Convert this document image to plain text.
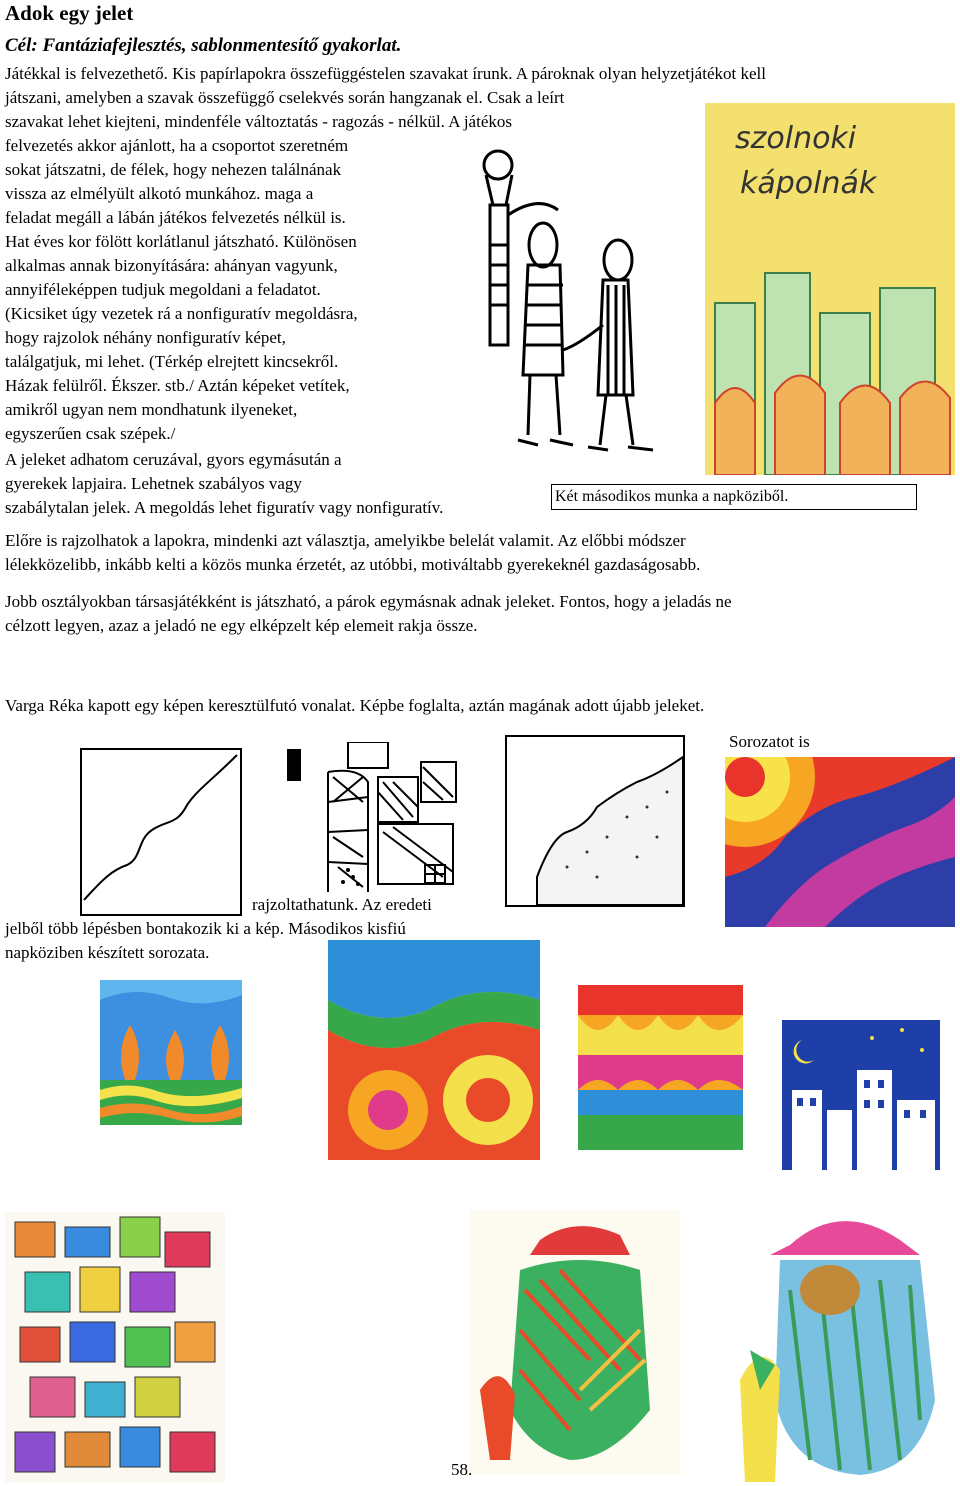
Adok egy jelet
Cél: Fantáziafejlesztés, sablonmentesítő gyakorlat.

Játékkal is felvezethető. Kis papírlapokra összefüggéstelen szavakat írunk. A pároknak olyan helyzetjátékot kell

játszani, amelyben a szavak összefüggő cselekvés során hangzanak el. Csak a leírt

szavakat lehet kiejteni, mindenféle változtatás - ragozás - nélkül. A játékos

felvezetés akkor ajánlott, ha a csoportot szeretném

sokat játszatni, de félek, hogy nehezen találnának

vissza az elmélyült alkotó munkához. maga a

feladat megáll a lábán játékos felvezetés nélkül is.

Hat éves kor fölött korlátlanul játszható. Különösen

alkalmas annak bizonyítására: ahányan vagyunk,

annyiféleképpen tudjuk megoldani a feladatot.

(Kicsiket úgy vezetek rá a nonfiguratív megoldásra,

hogy rajzolok néhány nonfiguratív képet,

találgatjuk, mi lehet. (Térkép elrejtett kincsekről.

Házak felülről. Ékszer. stb./ Aztán képeket vetítek,

amikről ugyan nem mondhatunk ilyeneket,

egyszerűen csak szépek./

A jeleket adhatom ceruzával, gyors egymásután a

gyerekek lapjaira. Lehetnek szabályos vagy

szabálytalan jelek. A megoldás lehet figuratív vagy nonfiguratív.

szolnoki
kápolnák
Két másodikos munka a napköziből.

Előre is rajzolhatok a lapokra, mindenki azt választja, amelyikbe belelát valamit. Az előbbi módszer

lélekközelibb, inkább kelti a közös munka érzetét, az utóbbi, motiváltabb gyerekeknél gazdaságosabb.

Jobb osztályokban társasjátékként is játszható, a párok egymásnak adnak jeleket. Fontos, hogy a jeladás ne

célzott legyen, azaz a jeladó ne egy elképzelt kép elemeit rakja össze.

Varga Réka kapott egy képen keresztülfutó vonalat. Képbe foglalta, aztán magának adott újabb jeleket.

Sorozatot is

rajzoltathatunk. Az eredeti

jelből több lépésben bontakozik ki a kép. Másodikos kisfiú

napköziben készített sorozata.

58.
